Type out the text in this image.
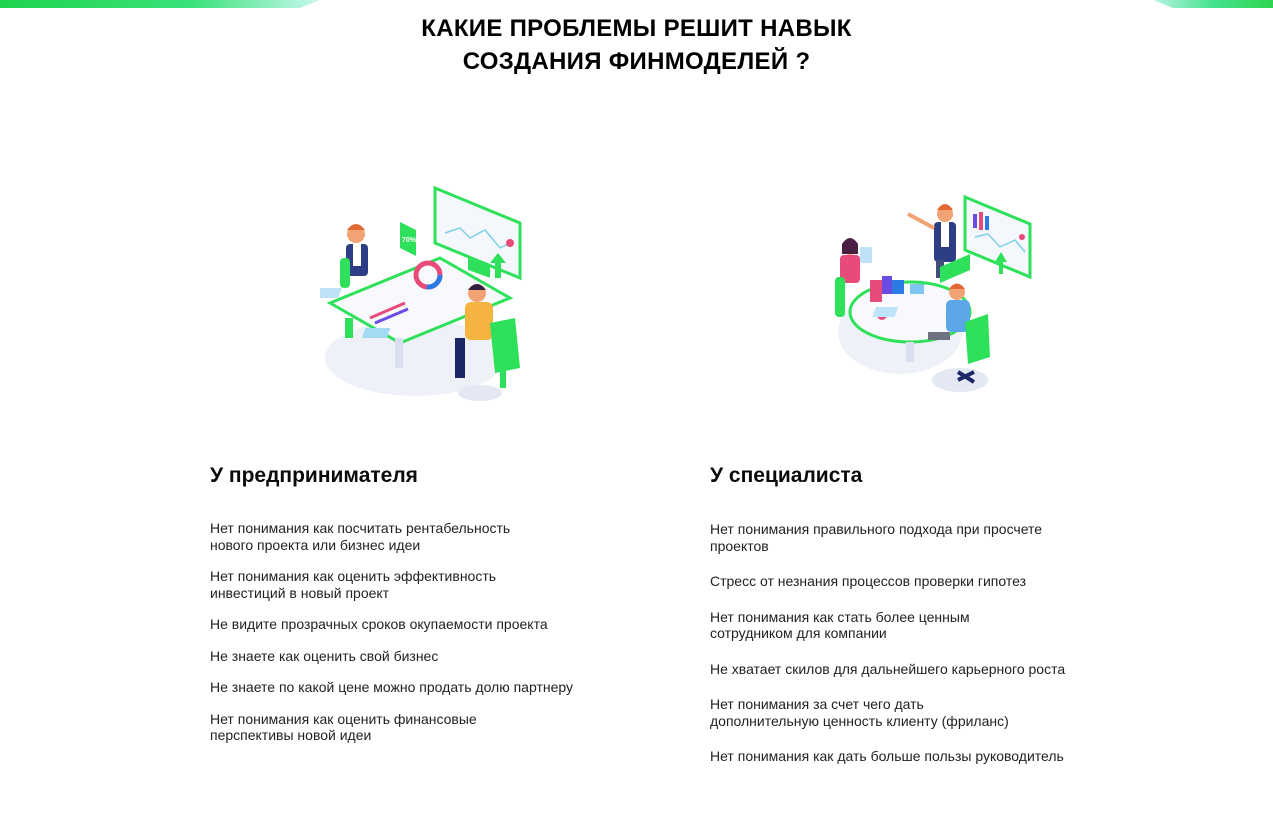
КАКИЕ ПРОБЛЕМЫ РЕШИТ НАВЫК
СОЗДАНИЯ ФИНМОДЕЛЕЙ ?
70%
У предпринимателя
Нет понимания как посчитать рентабельность
нового проекта или бизнес идеи
Нет понимания как оценить эффективность
инвестиций в новый проект
Не видите прозрачных сроков окупаемости проекта
Не знаете как оценить свой бизнес
Не знаете по какой цене можно продать долю партнеру
Нет понимания как оценить финансовые
перспективы новой идеи
У специалиста
Нет понимания правильного подхода при просчете
проектов
Стресс от незнания процессов проверки гипотез
Нет понимания как стать более ценным
сотрудником для компании
Не хватает скилов для дальнейшего карьерного роста
Нет понимания за счет чего дать
дополнительную ценность клиенту (фриланс)
Нет понимания как дать больше пользы руководитель
